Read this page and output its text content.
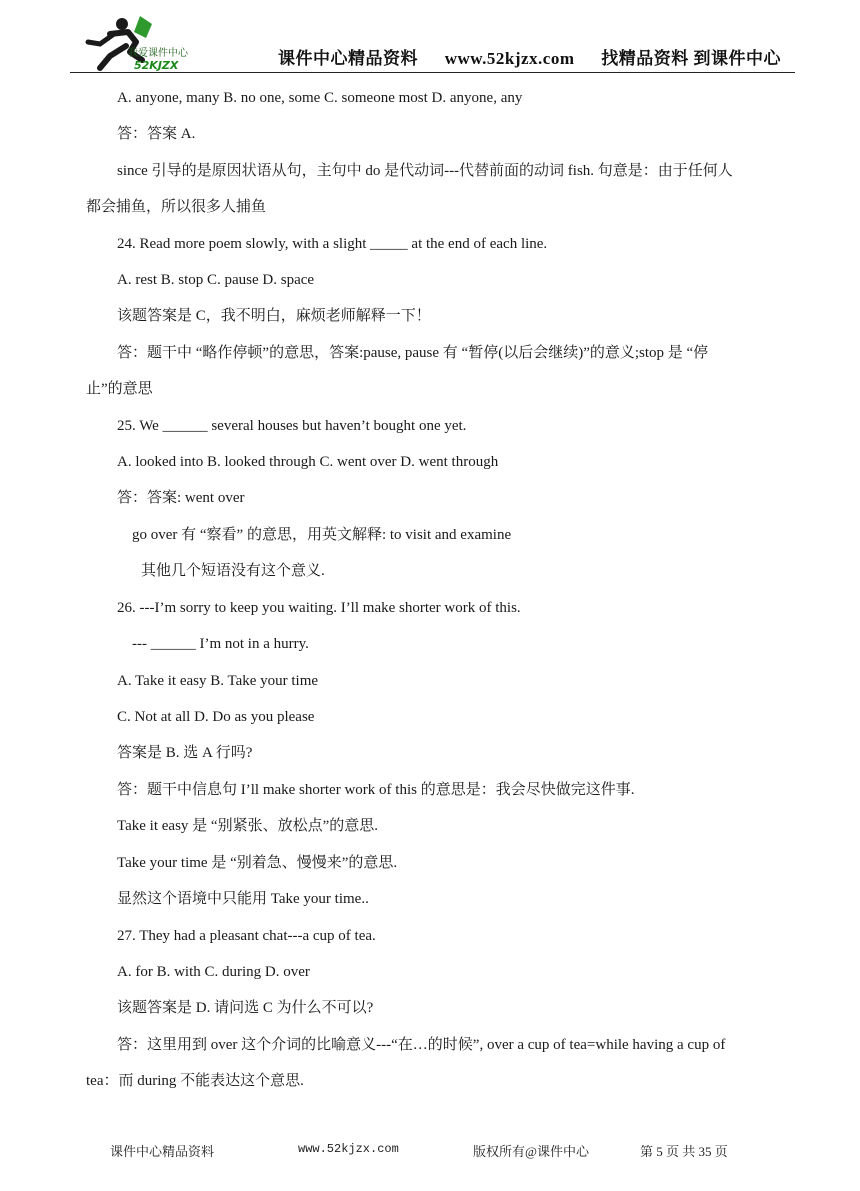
我爱课件中心
52KJZX	课件中心精品资料 www.52kjzx.com 找精品资料 到课件中心
A. anyone, many B. no one, some C. someone most D. anyone, any
答：答案 A.
since 引导的是原因状语从句，主句中 do 是代动词---代替前面的动词 fish. 句意是：由于任何人
都会捕鱼，所以很多人捕鱼
24. Read more poem slowly, with a slight _____ at the end of each line.
A. rest B. stop C. pause D. space
该题答案是 C，我不明白，麻烦老师解释一下！
答：题干中 “略作停顿”的意思，答案:pause, pause 有 “暂停(以后会继续)”的意义;stop 是 “停
止”的意思
25. We ______ several houses but haven’t bought one yet.
A. looked into B. looked through C. went over D. went through
答：答案: went over
go over 有 “察看” 的意思，用英文解释: to visit and examine
其他几个短语没有这个意义.
26. ---I’m sorry to keep you waiting. I’ll make shorter work of this.
--- ______ I’m not in a hurry.
A. Take it easy B. Take your time
C. Not at all D. Do as you please
答案是 B. 选 A 行吗?
答：题干中信息句 I’ll make shorter work of this 的意思是：我会尽快做完这件事.
Take it easy 是 “别紧张、放松点”的意思.
Take your time 是 “别着急、慢慢来”的意思.
显然这个语境中只能用 Take your time..
27. They had a pleasant chat---a cup of tea.
A. for B. with C. during D. over
该题答案是 D. 请问选 C 为什么不可以?
答：这里用到 over 这个介词的比喻意义---“在…的时候”, over a cup of tea=while having a cup of
tea：而 during 不能表达这个意思.
课件中心精品资料	www.52kjzx.com	版权所有@课件中心	第 5 页 共 35 页
